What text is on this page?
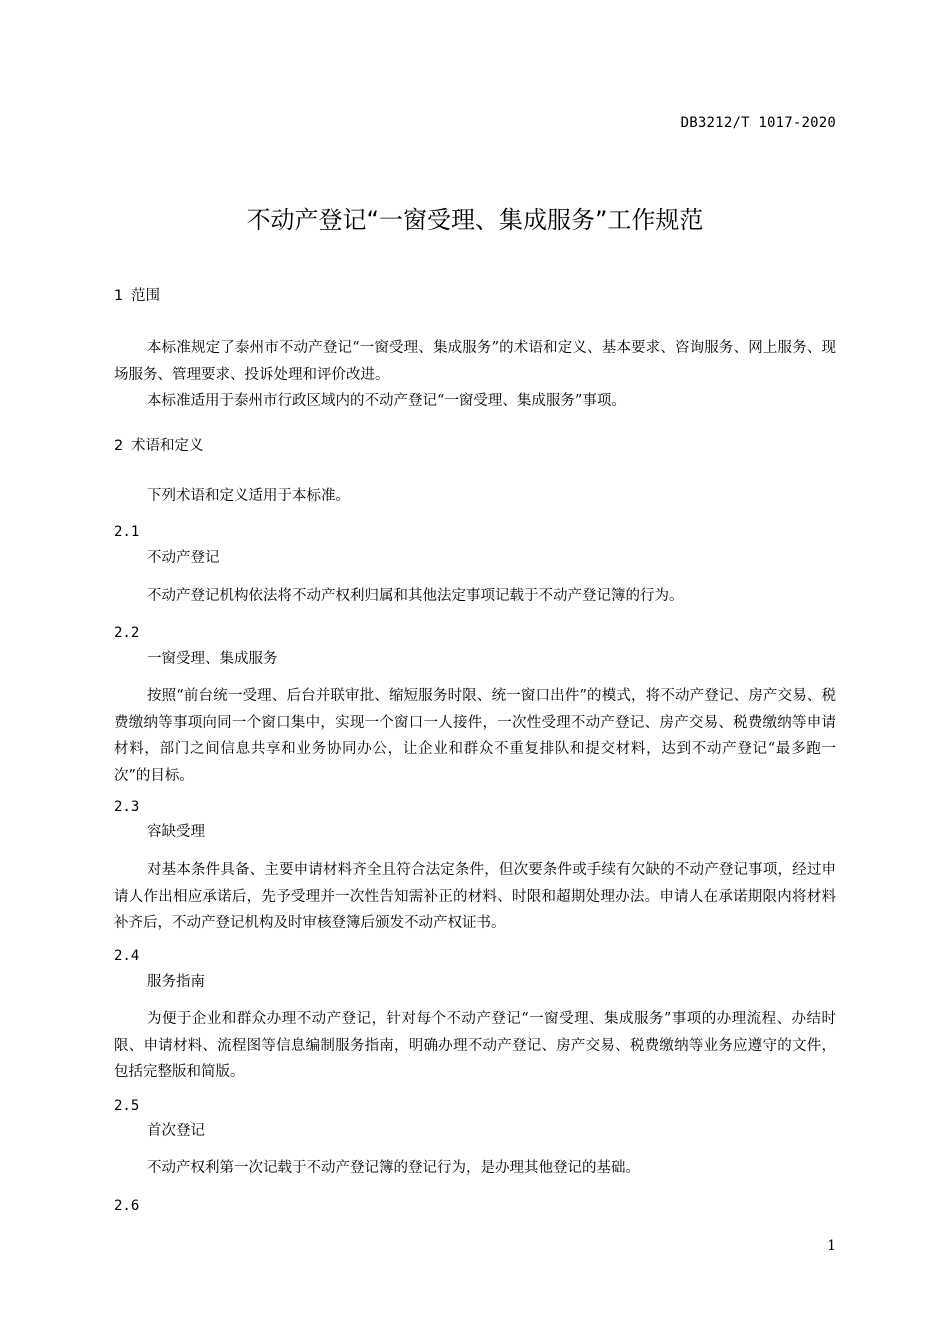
DB3212/T 1017-2020
不动产登记“一窗受理、集成服务”工作规范
1 范围

本标准规定了泰州市不动产登记“一窗受理、集成服务”的术语和定义、基本要求、咨询服务、网上服务、现场服务、管理要求、投诉处理和评价改进。

本标准适用于泰州市行政区域内的不动产登记“一窗受理、集成服务”事项。

2 术语和定义

下列术语和定义适用于本标准。

2.1
不动产登记

不动产登记机构依法将不动产权利归属和其他法定事项记载于不动产登记簿的行为。

2.2
一窗受理、集成服务

按照“前台统一受理、后台并联审批、缩短服务时限、统一窗口出件”的模式，将不动产登记、房产交易、税费缴纳等事项向同一个窗口集中，实现一个窗口一人接件，一次性受理不动产登记、房产交易、税费缴纳等申请材料，部门之间信息共享和业务协同办公，让企业和群众不重复排队和提交材料，达到不动产登记“最多跑一次”的目标。

2.3
容缺受理

对基本条件具备、主要申请材料齐全且符合法定条件，但次要条件或手续有欠缺的不动产登记事项，经过申请人作出相应承诺后，先予受理并一次性告知需补正的材料、时限和超期处理办法。申请人在承诺期限内将材料补齐后，不动产登记机构及时审核登簿后颁发不动产权证书。

2.4
服务指南

为便于企业和群众办理不动产登记，针对每个不动产登记“一窗受理、集成服务”事项的办理流程、办结时限、申请材料、流程图等信息编制服务指南，明确办理不动产登记、房产交易、税费缴纳等业务应遵守的文件，包括完整版和简版。

2.5
首次登记

不动产权利第一次记载于不动产登记簿的登记行为，是办理其他登记的基础。

2.6
1
